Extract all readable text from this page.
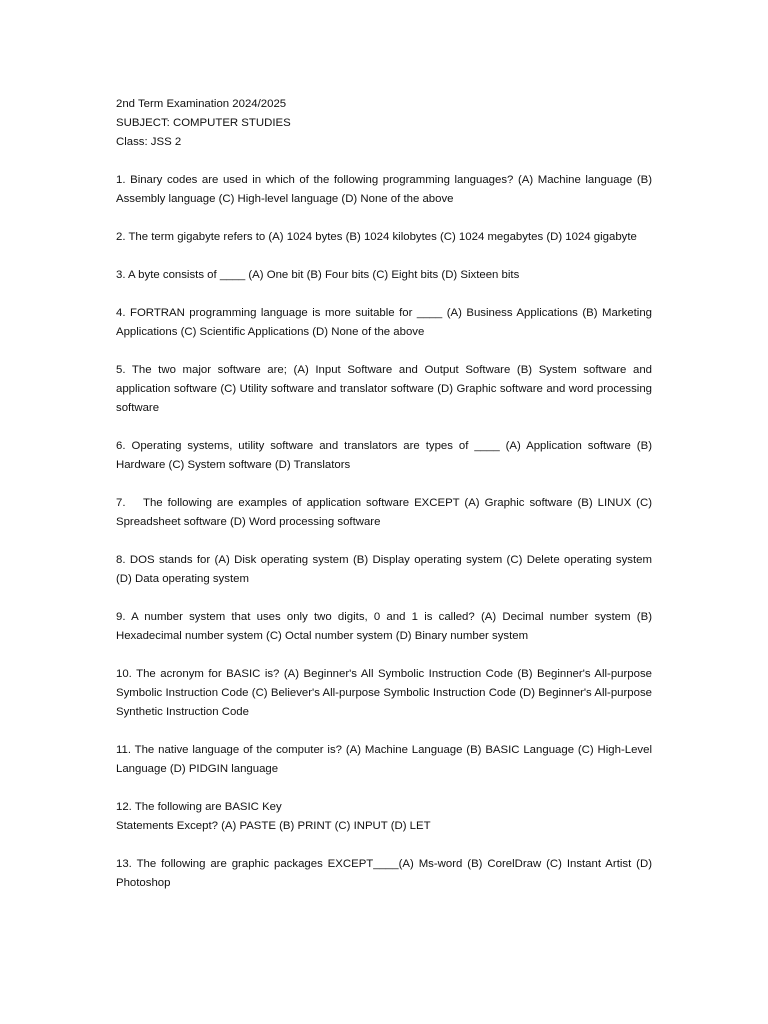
2nd Term Examination 2024/2025

SUBJECT: COMPUTER STUDIES

Class: JSS 2

1. Binary codes are used in which of the following programming languages? (A) Machine language (B) Assembly language (C) High-level language (D) None of the above

2. The term gigabyte refers to (A) 1024 bytes (B) 1024 kilobytes (C) 1024 megabytes (D) 1024 gigabyte

3. A byte consists of ____ (A) One bit (B) Four bits (C) Eight bits (D) Sixteen bits

4. FORTRAN programming language is more suitable for ____ (A) Business Applications (B) Marketing Applications (C) Scientific Applications (D) None of the above

5. The two major software are; (A) Input Software and Output Software (B) System software and application software (C) Utility software and translator software (D) Graphic software and word processing software

6. Operating systems, utility software and translators are types of ____ (A) Application software (B) Hardware (C) System software (D) Translators

7. The following are examples of application software EXCEPT (A) Graphic software (B) LINUX (C) Spreadsheet software (D) Word processing software

8. DOS stands for (A) Disk operating system (B) Display operating system (C) Delete operating system (D) Data operating system

9. A number system that uses only two digits, 0 and 1 is called? (A) Decimal number system (B) Hexadecimal number system (C) Octal number system (D) Binary number system

10. The acronym for BASIC is? (A) Beginner's All Symbolic Instruction Code (B) Beginner's All-purpose Symbolic Instruction Code (C) Believer's All-purpose Symbolic Instruction Code (D) Beginner's All-purpose Synthetic Instruction Code

11. The native language of the computer is? (A) Machine Language (B) BASIC Language (C) High-Level Language (D) PIDGIN language

12. The following are BASIC Key
Statements Except? (A) PASTE (B) PRINT (C) INPUT (D) LET

13. The following are graphic packages EXCEPT____(A) Ms-word (B) CorelDraw (C) Instant Artist (D) Photoshop
